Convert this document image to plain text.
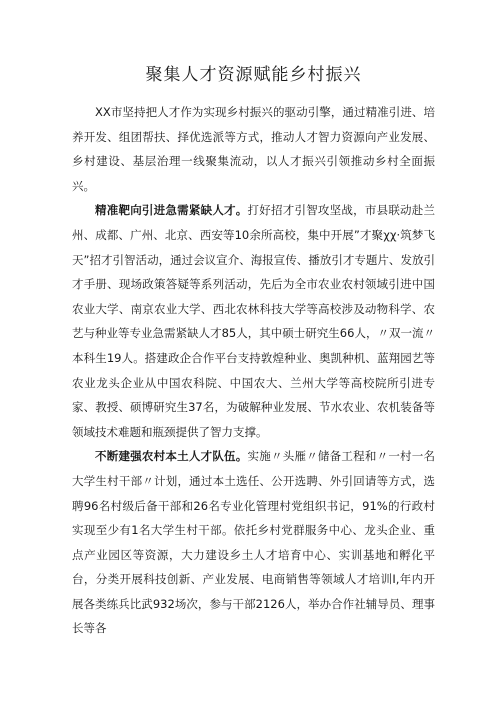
聚集人才资源赋能乡村振兴

XX市坚持把人才作为实现乡村振兴的驱动引擎，通过精准引进、培养开发、组团帮扶、择优选派等方式，推动人才智力资源向产业发展、乡村建设、基层治理一线聚集流动，以人才振兴引领推动乡村全面振兴。

精准靶向引进急需紧缺人才。打好招才引智攻坚战，市县联动赴兰州、成都、广州、北京、西安等10余所高校，集中开展”才聚χχ·筑梦飞天”招才引智活动，通过会议宣介、海报宣传、播放引才专题片、发放引才手册、现场政策答疑等系列活动，先后为全市农业农村领域引进中国农业大学、南京农业大学、西北农林科技大学等高校涉及动物科学、农艺与种业等专业急需紧缺人才85人，其中硕士研究生66人，〃双一流〃本科生19人。搭建政企合作平台支持敦煌种业、奥凯种机、蓝翔园艺等农业龙头企业从中国农科院、中国农大、兰州大学等高校院所引进专家、教授、硕博研究生37名，为破解种业发展、节水农业、农机装备等领域技术难题和瓶颈提供了智力支撑。

不断建强农村本土人才队伍。实施〃头雁〃储备工程和〃一村一名大学生村干部〃计划，通过本土选任、公开选聘、外引回请等方式，选聘96名村级后备干部和26名专业化管理村党组织书记，91%的行政村实现至少有1名大学生村干部。依托乡村党群服务中心、龙头企业、重点产业园区等资源，大力建设乡土人才培育中心、实训基地和孵化平台，分类开展科技创新、产业发展、电商销售等领域人才培训I,年内开展各类练兵比武932场次，参与干部2126人，举办合作社辅导员、理事长等各
